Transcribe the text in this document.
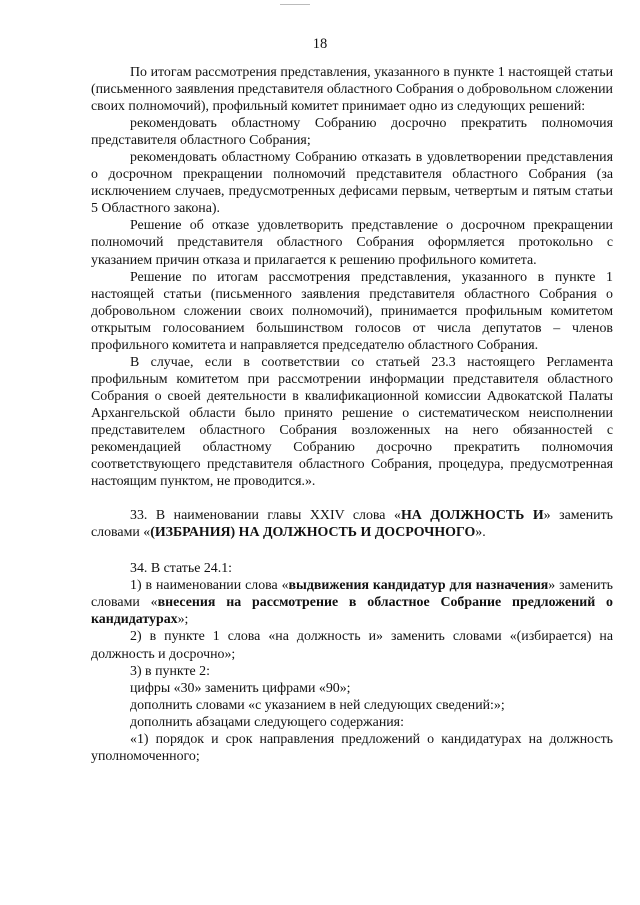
18

По итогам рассмотрения представления, указанного в пункте 1 настоящей статьи (письменного заявления представителя областного Собрания о добровольном сложении своих полномочий), профильный комитет принимает одно из следующих решений:

рекомендовать областному Собранию досрочно прекратить полномочия представителя областного Собрания;

рекомендовать областному Собранию отказать в удовлетворении представления о досрочном прекращении полномочий представителя областного Собрания (за исключением случаев, предусмотренных дефисами первым, четвертым и пятым статьи 5 Областного закона).

Решение об отказе удовлетворить представление о досрочном прекращении полномочий представителя областного Собрания оформляется протокольно с указанием причин отказа и прилагается к решению профильного комитета.

Решение по итогам рассмотрения представления, указанного в пункте 1 настоящей статьи (письменного заявления представителя областного Собрания о добровольном сложении своих полномочий), принимается профильным комитетом открытым голосованием большинством голосов от числа депутатов – членов профильного комитета и направляется председателю областного Собрания.

В случае, если в соответствии со статьей 23.3 настоящего Регламента профильным комитетом при рассмотрении информации представителя областного Собрания о своей деятельности в квалификационной комиссии Адвокатской Палаты Архангельской области было принято решение о систематическом неисполнении представителем областного Собрания возложенных на него обязанностей с рекомендацией областному Собранию досрочно прекратить полномочия соответствующего представителя областного Собрания, процедура, предусмотренная настоящим пунктом, не проводится.».

33. В наименовании главы XXIV слова «НА ДОЛЖНОСТЬ И» заменить словами «(ИЗБРАНИЯ) НА ДОЛЖНОСТЬ И ДОСРОЧНОГО».

34. В статье 24.1:

1) в наименовании слова «выдвижения кандидатур для назначения» заменить словами «внесения на рассмотрение в областное Собрание предложений о кандидатурах»;

2) в пункте 1 слова «на должность и» заменить словами «(избирается) на должность и досрочно»;

3) в пункте 2:

цифры «30» заменить цифрами «90»;

дополнить словами «с указанием в ней следующих сведений:»;

дополнить абзацами следующего содержания:

«1) порядок и срок направления предложений о кандидатурах на должность уполномоченного;
